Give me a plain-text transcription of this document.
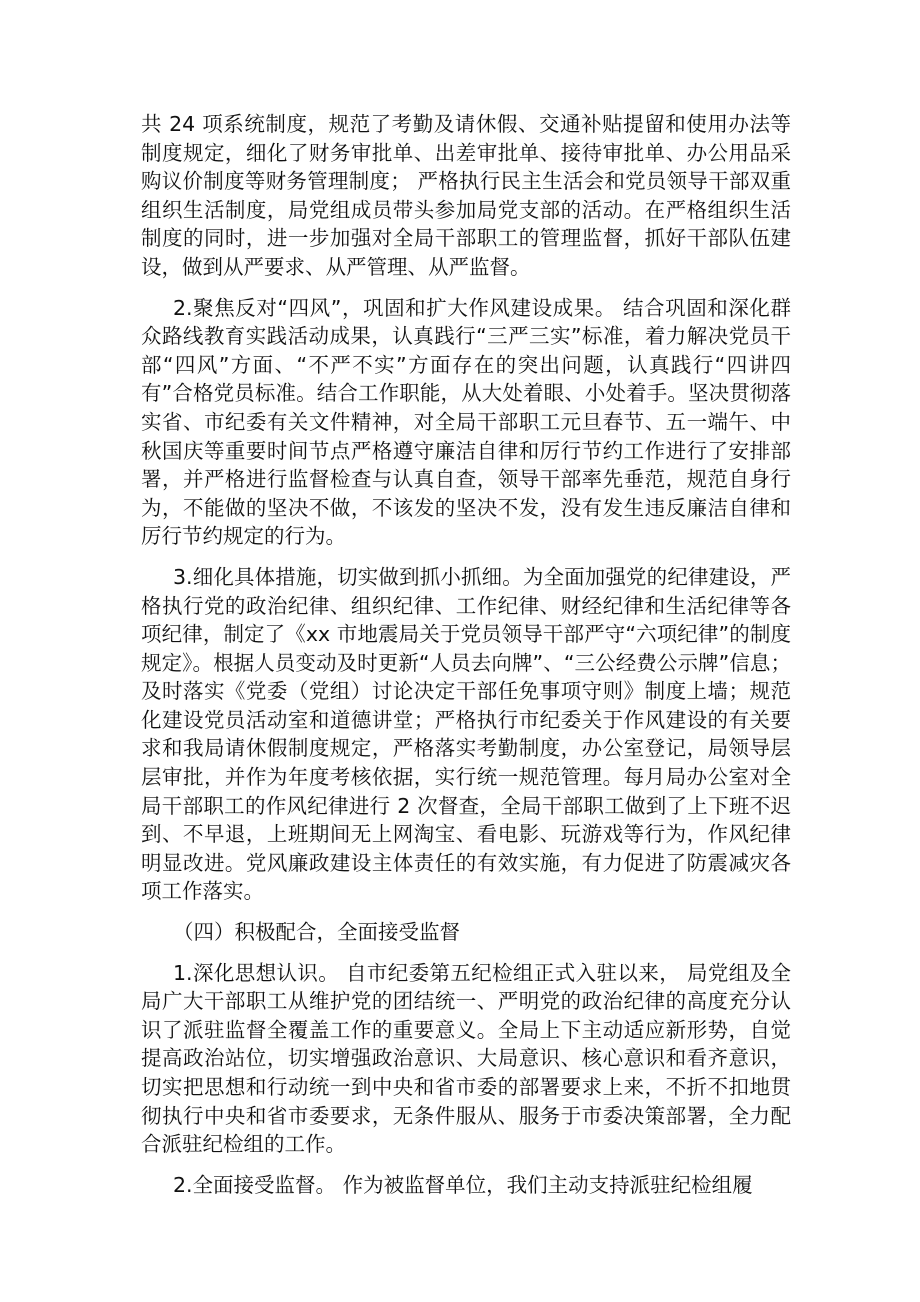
共 24 项系统制度，规范了考勤及请休假、交通补贴提留和使用办法等制度规定，细化了财务审批单、出差审批单、接待审批单、办公用品采购议价制度等财务管理制度； 严格执行民主生活会和党员领导干部双重组织生活制度，局党组成员带头参加局党支部的活动。在严格组织生活制度的同时，进一步加强对全局干部职工的管理监督，抓好干部队伍建设，做到从严要求、从严管理、从严监督。

2.聚焦反对“四风”，巩固和扩大作风建设成果。 结合巩固和深化群众路线教育实践活动成果，认真践行“三严三实”标准，着力解决党员干部“四风”方面、“不严不实”方面存在的突出问题，认真践行“四讲四有”合格党员标准。结合工作职能，从大处着眼、小处着手。坚决贯彻落实省、市纪委有关文件精神，对全局干部职工元旦春节、五一端午、中秋国庆等重要时间节点严格遵守廉洁自律和厉行节约工作进行了安排部署，并严格进行监督检查与认真自查，领导干部率先垂范，规范自身行为，不能做的坚决不做，不该发的坚决不发，没有发生违反廉洁自律和厉行节约规定的行为。

3.细化具体措施，切实做到抓小抓细。为全面加强党的纪律建设，严格执行党的政治纪律、组织纪律、工作纪律、财经纪律和生活纪律等各项纪律，制定了《xx 市地震局关于党员领导干部严守“六项纪律”的制度规定》。根据人员变动及时更新“人员去向牌”、“三公经费公示牌”信息；及时落实《党委（党组）讨论决定干部任免事项守则》制度上墙；规范化建设党员活动室和道德讲堂；严格执行市纪委关于作风建设的有关要求和我局请休假制度规定，严格落实考勤制度，办公室登记，局领导层层审批，并作为年度考核依据，实行统一规范管理。每月局办公室对全局干部职工的作风纪律进行 2 次督查，全局干部职工做到了上下班不迟到、不早退，上班期间无上网淘宝、看电影、玩游戏等行为，作风纪律明显改进。党风廉政建设主体责任的有效实施，有力促进了防震减灾各项工作落实。

（四）积极配合，全面接受监督

1.深化思想认识。 自市纪委第五纪检组正式入驻以来， 局党组及全局广大干部职工从维护党的团结统一、严明党的政治纪律的高度充分认识了派驻监督全覆盖工作的重要意义。全局上下主动适应新形势，自觉提高政治站位，切实增强政治意识、大局意识、核心意识和看齐意识，切实把思想和行动统一到中央和省市委的部署要求上来，不折不扣地贯彻执行中央和省市委要求，无条件服从、服务于市委决策部署，全力配合派驻纪检组的工作。

2.全面接受监督。 作为被监督单位，我们主动支持派驻纪检组履
